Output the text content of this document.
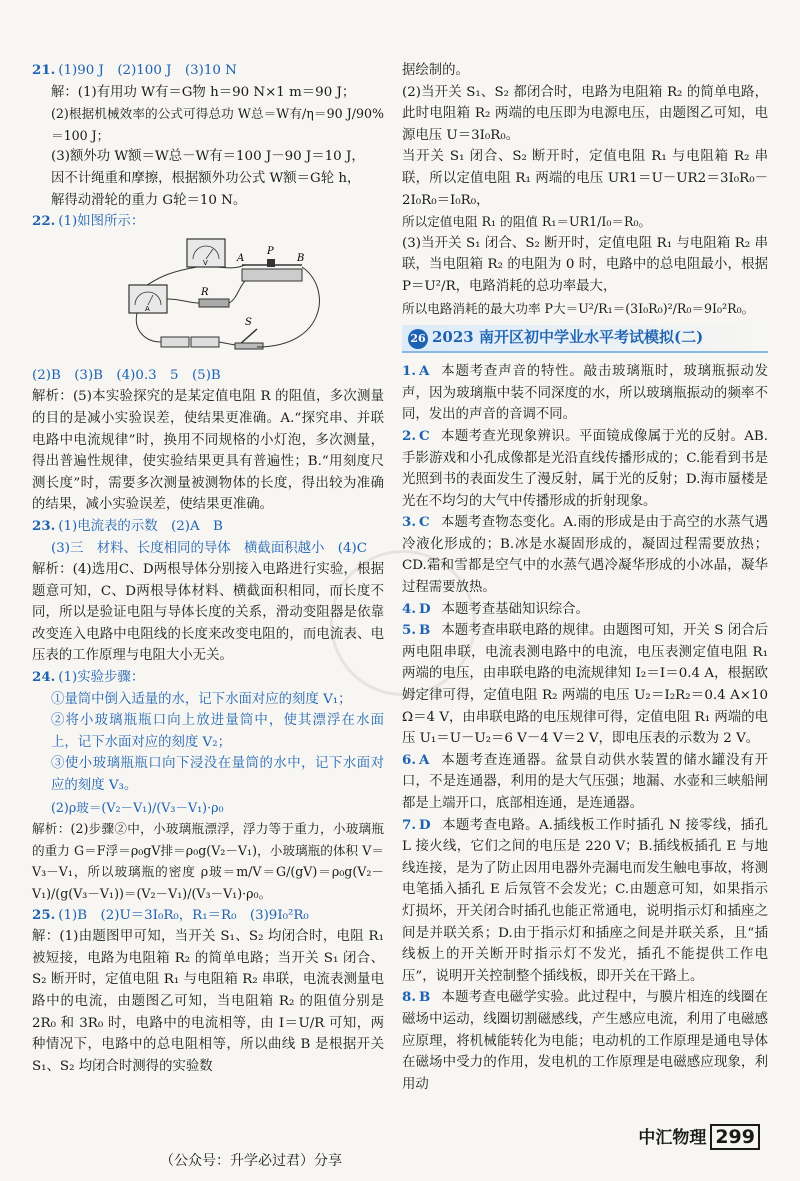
21. (1)90 J　(2)100 J　(3)10 N

解：(1)有用功 W有＝G物 h＝90 N×1 m＝90 J；

(2)根据机械效率的公式可得总功 W总＝W有/η＝90 J/90%＝100 J；

(3)额外功 W额＝W总－W有＝100 J－90 J＝10 J，

因不计绳重和摩擦，根据额外功公式 W额＝G轮 h，

解得动滑轮的重力 G轮＝10 N。

22. (1)如图所示：

V
A
A
P
B
R
S

(2)B　(3)B　(4)0.3　5　(5)B

解析：(5)本实验探究的是某定值电阻 R 的阻值，多次测量的目的是减小实验误差，使结果更准确。A.“探究串、并联电路中电流规律”时，换用不同规格的小灯泡，多次测量，得出普遍性规律，使实验结果更具有普遍性；B.“用刻度尺测长度”时，需要多次测量被测物体的长度，得出较为准确的结果，减小实验误差，使结果更准确。

23. (1)电流表的示数　(2)A　B

(3)三　材料、长度相同的导体　横截面积越小　(4)C

解析：(4)选用C、D两根导体分别接入电路进行实验，根据题意可知，C、D两根导体材料、横截面积相同，而长度不同，所以是验证电阻与导体长度的关系，滑动变阻器是依靠改变连入电路中电阻线的长度来改变电阻的，而电流表、电压表的工作原理与电阻大小无关。

24. (1)实验步骤：

①量筒中倒入适量的水，记下水面对应的刻度 V₁；

②将小玻璃瓶瓶口向上放进量筒中，使其漂浮在水面上，记下水面对应的刻度 V₂；

③使小玻璃瓶瓶口向下浸没在量筒的水中，记下水面对应的刻度 V₃。

(2)ρ玻＝(V₂－V₁)/(V₃－V₁)·ρ₀

解析：(2)步骤②中，小玻璃瓶漂浮，浮力等于重力，小玻璃瓶的重力 G＝F浮＝ρ₀gV排＝ρ₀g(V₂－V₁)，小玻璃瓶的体积 V＝V₃－V₁，所以玻璃瓶的密度 ρ玻＝m/V＝G/(gV)＝ρ₀g(V₂－V₁)/(g(V₃－V₁))＝(V₂－V₁)/(V₃－V₁)·ρ₀。

25. (1)B　(2)U＝3I₀R₀，R₁＝R₀　(3)9I₀²R₀

解：(1)由题图甲可知，当开关 S₁、S₂ 均闭合时，电阻 R₁ 被短接，电路为电阻箱 R₂ 的简单电路；当开关 S₁ 闭合、S₂ 断开时，定值电阻 R₁ 与电阻箱 R₂ 串联，电流表测量电路中的电流，由题图乙可知，当电阻箱 R₂ 的阻值分别是 2R₀ 和 3R₀ 时，电路中的电流相等，由 I＝U/R 可知，两种情况下，电路中的总电阻相等，所以曲线 B 是根据开关 S₁、S₂ 均闭合时测得的实验数

据绘制的。

(2)当开关 S₁、S₂ 都闭合时，电路为电阻箱 R₂ 的简单电路，此时电阻箱 R₂ 两端的电压即为电源电压，由题图乙可知，电源电压 U＝3I₀R₀。

当开关 S₁ 闭合、S₂ 断开时，定值电阻 R₁ 与电阻箱 R₂ 串联，所以定值电阻 R₁ 两端的电压 UR1＝U－UR2＝3I₀R₀－2I₀R₀＝I₀R₀，

所以定值电阻 R₁ 的阻值 R₁＝UR1/I₀＝R₀。

(3)当开关 S₁ 闭合、S₂ 断开时，定值电阻 R₁ 与电阻箱 R₂ 串联，当电阻箱 R₂ 的电阻为 0 时，电路中的总电阻最小，根据 P＝U²/R，电路消耗的总功率最大，

所以电路消耗的最大功率 P大＝U²/R₁＝(3I₀R₀)²/R₀＝9I₀²R₀。

26 2023 南开区初中学业水平考试模拟(二)

1. A 本题考查声音的特性。敲击玻璃瓶时，玻璃瓶振动发声，因为玻璃瓶中装不同深度的水，所以玻璃瓶振动的频率不同，发出的声音的音调不同。

2. C 本题考查光现象辨识。平面镜成像属于光的反射。AB.手影游戏和小孔成像都是光沿直线传播形成的；C.能看到书是光照到书的表面发生了漫反射，属于光的反射；D.海市蜃楼是光在不均匀的大气中传播形成的折射现象。

3. C 本题考查物态变化。A.雨的形成是由于高空的水蒸气遇冷液化形成的；B.冰是水凝固形成的，凝固过程需要放热；CD.霜和雪都是空气中的水蒸气遇冷凝华形成的小冰晶，凝华过程需要放热。

4. D 本题考查基础知识综合。

5. B 本题考查串联电路的规律。由题图可知，开关 S 闭合后两电阻串联，电流表测电路中的电流，电压表测定值电阻 R₁ 两端的电压，由串联电路的电流规律知 I₂＝I＝0.4 A，根据欧姆定律可得，定值电阻 R₂ 两端的电压 U₂＝I₂R₂＝0.4 A×10 Ω＝4 V，由串联电路的电压规律可得，定值电阻 R₁ 两端的电压 U₁＝U－U₂＝6 V－4 V＝2 V，即电压表的示数为 2 V。

6. A 本题考查连通器。盆景自动供水装置的储水罐没有开口，不是连通器，利用的是大气压强；地漏、水壶和三峡船闸都是上端开口，底部相连通，是连通器。

7. D 本题考查电路。A.插线板工作时插孔 N 接零线，插孔 L 接火线，它们之间的电压是 220 V；B.插线板插孔 E 与地线连接，是为了防止因用电器外壳漏电而发生触电事故，将测电笔插入插孔 E 后氖管不会发光；C.由题意可知，如果指示灯损坏，开关闭合时插孔也能正常通电，说明指示灯和插座之间是并联关系；D.由于指示灯和插座之间是并联关系，且“插线板上的开关断开时指示灯不发光，插孔不能提供工作电压”，说明开关控制整个插线板，即开关在干路上。

8. B 本题考查电磁学实验。此过程中，与膜片相连的线圈在磁场中运动，线圈切割磁感线，产生感应电流，利用了电磁感应原理，将机械能转化为电能；电动机的工作原理是通电导体在磁场中受力的作用，发电机的工作原理是电磁感应现象，利用动

中汇物理 299
（公众号：升学必过君）分享
